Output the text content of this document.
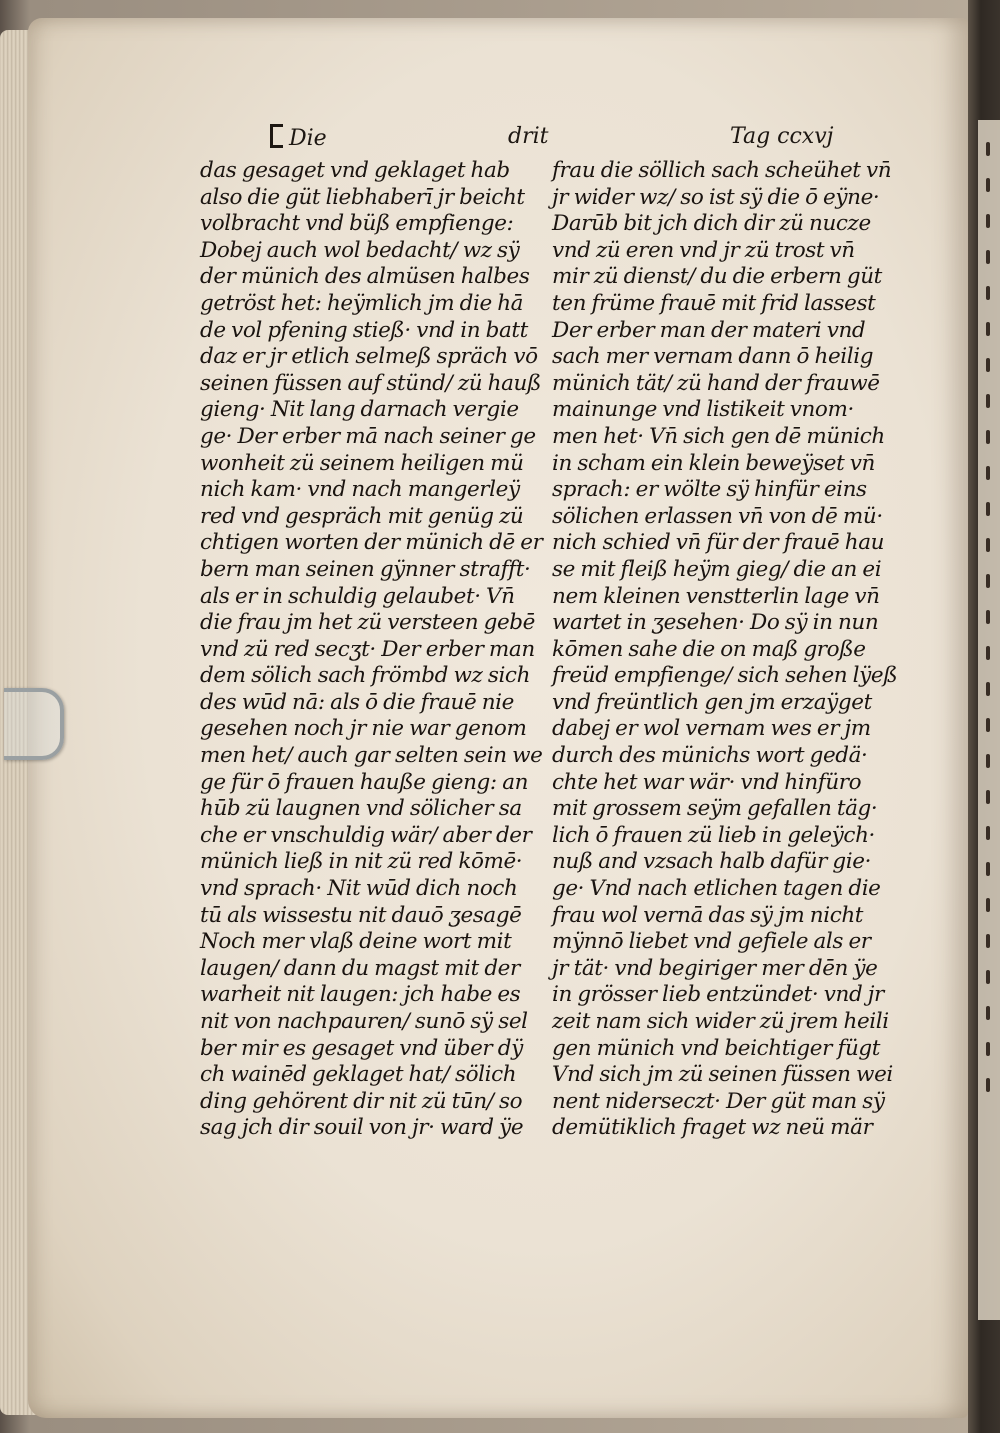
Die	drit	Tag ccxvj
das gesaget vnd geklaget hab
also die güt liebhaberī jr beicht
volbracht vnd büß empfienge:
Dobej auch wol bedacht/ wz sÿ
der münich des almüsen halbes
getröst het: heÿmlich jm die hā
de vol pfening stieß· vnd in batt
daz er jr etlich selmeß spräch vō
seinen füssen auf stünd/ zü hauß
gieng· Nit lang darnach vergie
ge· Der erber mā nach seiner ge
wonheit zü seinem heiligen mü
nich kam· vnd nach mangerleÿ
red vnd gespräch mit genüg zü
chtigen worten der münich dē er
bern man seinen gÿnner strafft·
als er in schuldig gelaubet· Vn̄
die frau jm het zü versteen gebē
vnd zü red secʒt· Der erber man
dem sölich sach frömbd wz sich
des wūd nā: als ō die frauē nie
gesehen noch jr nie war genom
men het/ auch gar selten sein we
ge für ō frauen hauße gieng: an
hūb zü laugnen vnd sölicher sa
che er vnschuldig wär/ aber der
münich ließ in nit zü red kōmē·
vnd sprach· Nit wūd dich noch
tū als wissestu nit dauō ʒesagē
Noch mer vlaß deine wort mit
laugen/ dann du magst mit der
warheit nit laugen: jch habe es
nit von nachpauren/ sunō sÿ sel
ber mir es gesaget vnd über dÿ
ch wainēd geklaget hat/ sölich
ding gehörent dir nit zü tūn/ so
sag jch dir souil von jr· ward ÿe
frau die söllich sach scheühet vn̄
jr wider wz/ so ist sÿ die ō eÿne·
Darūb bit jch dich dir zü nucze
vnd zü eren vnd jr zü trost vn̄
mir zü dienst/ du die erbern güt
ten früme frauē mit frid lassest
Der erber man der materi vnd
sach mer vernam dann ō heilig
münich tät/ zü hand der frauwē
mainunge vnd listikeit vnom·
men het· Vn̄ sich gen dē münich
in scham ein klein beweÿset vn̄
sprach: er wölte sÿ hinfür eins
sölichen erlassen vn̄ von dē mü·
nich schied vn̄ für der frauē hau
se mit fleiß heÿm gieg/ die an ei
nem kleinen venstterlin lage vn̄
wartet in ʒesehen· Do sÿ in nun
kōmen sahe die on maß große
freüd empfienge/ sich sehen lÿeß
vnd freüntlich gen jm erzaÿget
dabej er wol vernam wes er jm
durch des münichs wort gedä·
chte het war wär· vnd hinfüro
mit grossem seÿm gefallen täg·
lich ō frauen zü lieb in geleÿch·
nuß and vzsach halb dafür gie·
ge· Vnd nach etlichen tagen die
frau wol vernā das sÿ jm nicht
mÿnnō liebet vnd gefiele als er
jr tät· vnd begiriger mer dēn ÿe
in grösser lieb entzündet· vnd jr
zeit nam sich wider zü jrem heili
gen münich vnd beichtiger fügt
Vnd sich jm zü seinen füssen wei
nent niderseczt· Der güt man sÿ
demütiklich fraget wz neü mär
